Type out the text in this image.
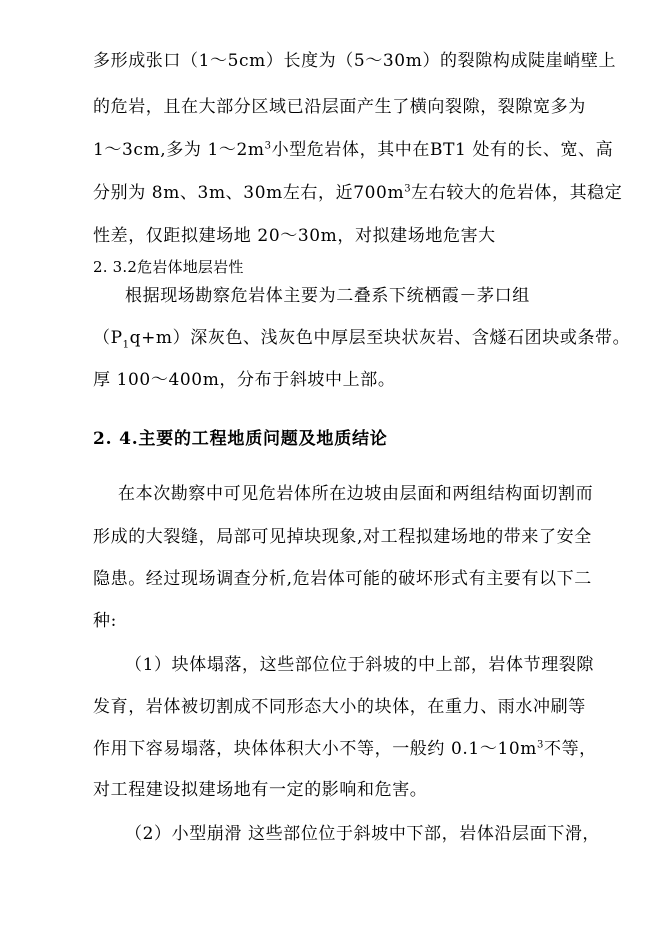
多形成张口（1～5cm）长度为（5～30m）的裂隙构成陡崖峭壁上
的危岩，且在大部分区域已沿层面产生了横向裂隙，裂隙宽多为
1～3cm,多为 $1\sim 2m^3$小型危岩体，其中在BT1 处有的长、宽、高
分别为 8m、3m、30m左右，近$700m^3$左右较大的危岩体，其稳定
性差，仅距拟建场地 20～30m，对拟建场地危害大
2. 3.2危岩体地层岩性
根据现场勘察危岩体主要为二叠系下统栖霞－茅口组
$(P_1q+m)$深灰色、浅灰色中厚层至块状灰岩、含燧石团块或条带。
厚 100～400m，分布于斜坡中上部。
2. 4.主要的工程地质问题及地质结论
在本次勘察中可见危岩体所在边坡由层面和两组结构面切割而
形成的大裂缝，局部可见掉块现象,对工程拟建场地的带来了安全
隐患。经过现场调查分析,危岩体可能的破坏形式有主要有以下二
种:
（1）块体塌落，这些部位位于斜坡的中上部，岩体节理裂隙
发育，岩体被切割成不同形态大小的块体，在重力、雨水冲刷等
作用下容易塌落，块体体积大小不等，一般约 $0.1\sim 10m^3$不等，
对工程建设拟建场地有一定的影响和危害。
（2）小型崩滑 这些部位位于斜坡中下部，岩体沿层面下滑，
